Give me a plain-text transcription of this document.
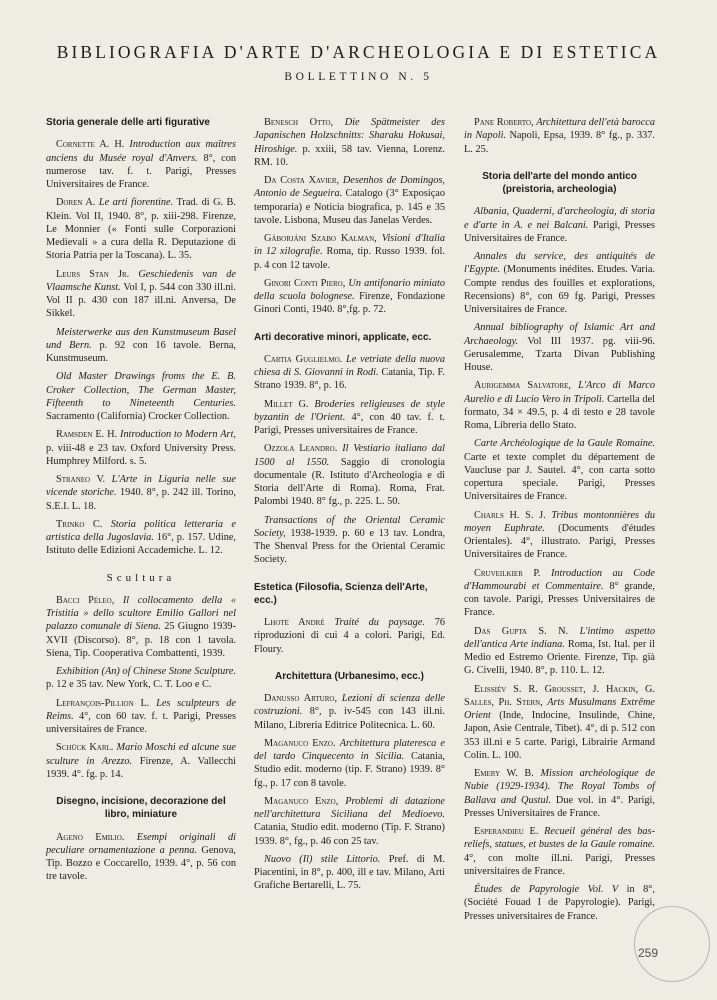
BIBLIOGRAFIA D'ARTE D'ARCHEOLOGIA E DI ESTETICA
BOLLETTINO N. 5
Storia generale delle arti figurative

Cornette A. H. Introduction aux maîtres anciens du Musée royal d'Anvers. 8°, con numerose tav. f. t. Parigi, Presses Universitaires de France.

Doren A. Le arti fiorentine. Trad. di G. B. Klein. Vol II, 1940. 8°, p. xiii-298. Firenze, Le Monnier (« Fonti sulle Corporazioni Medievali » a cura della R. Deputazione di Storia Patria per la Toscana). L. 35.

Leurs Stan Jr. Geschiedenis van de Vlaamsche Kunst. Vol I, p. 544 con 330 ill.ni. Vol II p. 430 con 187 ill.ni. Anversa, De Sikkel.

Meisterwerke aus den Kunstmuseum Basel und Bern. p. 92 con 16 tavole. Berna, Kunstmuseum.

Old Master Drawings froms the E. B. Croker Collection, The German Master, Fifteenth to Nineteenth Centuries. Sacramento (California) Crocker Collection.

Ramsden E. H. Introduction to Modern Art, p. viii-48 e 23 tav. Oxford University Press. Humphrey Milford. s. 5.

Straneo V. L'Arte in Liguria nelle sue vicende storiche. 1940. 8°, p. 242 ill. Torino, S.E.I. L. 18.

Trinko C. Storia politica letteraria e artistica della Jugoslavia. 16°, p. 157. Udine, Istituto delle Edizioni Accademiche. L. 12.

Scultura

Bacci Péleo, Il collocamento della « Tristitia » dello scultore Emilio Gallori nel palazzo comunale di Siena. 25 Giugno 1939-XVII (Discorso). 8°, p. 18 con 1 tavola. Siena, Tip. Cooperativa Combattenti, 1939.

Exhibition (An) of Chinese Stone Sculpture. p. 12 e 35 tav. New York, C. T. Loo e C.

Lefrançois-Pillion L. Les sculpteurs de Reims. 4°, con 60 tav. f. t. Parigi, Presses universitaires de France.

Schück Karl. Mario Moschi ed alcune sue sculture in Arezzo. Firenze, A. Vallecchi 1939. 4°. fg. p. 14.

Disegno, incisione, decorazione del libro, miniature

Ageno Emilio. Esempi originali di peculiare ornamentazione a penna. Genova, Tip. Bozzo e Coccarello, 1939. 4°, p. 56 con tre tavole.

Benesch Otto, Die Spätmeister des Japanischen Holzschnitts: Sharaku Hokusai, Hiroshige. p. xxiii, 58 tav. Vienna, Lorenz. RM. 10.

Da Costa Xavier, Desenhos de Domingos, Antonio de Segueira. Catalogo (3° Exposiçao temporaria) e Noticia biografica, p. 145 e 35 tavole. Lisbona, Museu das Janelas Verdes.

Gáborjáni Szabo Kalman, Visioni d'Italia in 12 xilografie. Roma, tip. Russo 1939. fol. p. 4 con 12 tavole.

Ginori Conti Piero, Un antifonario miniato della scuola bolognese. Firenze, Fondazione Ginori Conti, 1940. 8°,fg. p. 72.

Arti decorative minori, applicate, ecc.

Cartia Guglielmo. Le vetriate della nuova chiesa di S. Giovanni in Rodi. Catania, Tip. F. Strano 1939. 8°, p. 16.

Millet G. Broderies religieuses de style byzantin de l'Orient. 4°, con 40 tav. f. t. Parigi, Presses universitaires de France.

Ozzola Leandro. Il Vestiario italiano dal 1500 al 1550. Saggio di cronologia documentale (R. Istituto d'Archeologia e di Storia dell'Arte di Roma). Roma, Frat. Palombi 1940. 8° fg., p. 225. L. 50.

Transactions of the Oriental Ceramic Society, 1938-1939. p. 60 e 13 tav. Londra, The Shenval Press for the Oriental Ceramic Society.

Estetica (Filosofia, Scienza dell'Arte, ecc.)

Lhote André Traité du paysage. 76 riproduzioni di cui 4 a colori. Parigi, Ed. Floury.

Architettura (Urbanesimo, ecc.)

Danusso Arturo, Lezioni di scienza delle costruzioni. 8°, p. iv-545 con 143 ill.ni. Milano, Libreria Editrice Politecnica. L. 60.

Maganuco Enzo. Architettura plateresca e del tardo Cinquecento in Sicilia. Catania, Studio edit. moderno (tip. F. Strano) 1939. 8° fg., p. 17 con 8 tavole.

Maganuco Enzo, Problemi di datazione nell'architettura Siciliana del Medioevo. Catania, Studio edit. moderno (Tip. F. Strano) 1939. 8°, fg., p. 46 con 25 tav.

Nuovo (Il) stile Littorio. Pref. di M. Piacentini, in 8°, p. 400, ill e tav. Milano, Arti Grafiche Bertarelli, L. 75.

Pane Roberto, Architettura dell'età barocca in Napoli. Napoli, Epsa, 1939. 8° fg., p. 337. L. 25.

Storia dell'arte del mondo antico (preistoria, archeologia)

Albania, Quaderni, d'archeologia, di storia e d'arte in A. e nei Balcani. Parigi, Presses Universitaires de France.

Annales du service, des antiquités de l'Egypte. (Monuments inédites. Etudes. Varia. Compte rendus des fouilles et explorations, Recensions) 8°, con 69 fg. Parigi, Presses Universitaires de France.

Annual bibliography of Islamic Art and Archaeology. Vol III 1937. pg. viii-96. Gerusalemme, Tzarta Divan Publishing House.

Aurigemma Salvatore, L'Arco di Marco Aurelio e di Lucio Vero in Tripoli. Cartella del formato, 34 × 49.5, p. 4 di testo e 28 tavole Roma, Libreria dello Stato.

Carte Archéologique de la Gaule Romaine. Carte et texte complet du département de Vaucluse par J. Sautel. 4°, con carta sotto copertura speciale. Parigi, Presses Universitaires de France.

Charls H. S. J. Tribus montonnières du moyen Euphrate. (Documents d'études Orientales). 4°, illustrato. Parigi, Presses Universitaires de France.

Cruveilkier P. Introduction au Code d'Hammourabi et Commentaire. 8° grande, con tavole. Parigi, Presses Universitaires de France.

Das Gupta S. N. L'intimo aspetto dell'antica Arte indiana. Roma, Ist. Ital. per il Medio ed Estremo Oriente. Firenze, Tip. già G. Civelli, 1940. 8°, p. 110. L. 12.

Elissiév S. R. Grousset, J. Hackin, G. Salles, Ph. Stern, Arts Musulmans Extrême Orient (Inde, Indocine, Insulinde, Chine, Japon, Asie Centrale, Tibet). 4°, di p. 512 con 353 ill.ni e 5 carte. Parigi, Librairie Armand Colin. L. 100.

Emery W. B. Mission archéologique de Nubie (1929-1934). The Royal Tombs of Ballava and Qustul. Due vol. in 4°. Parigi, Presses Universitaires de France.

Esperandieu E. Recueil général des bas-reliefs, statues, et bustes de la Gaule romaine. 4°, con molte ill.ni. Parigi, Presses universitaires de France.

Études de Papyrologie Vol. V in 8°, (Société Fouad I de Papyrologie). Parigi, Presses universitaires de France.

259
